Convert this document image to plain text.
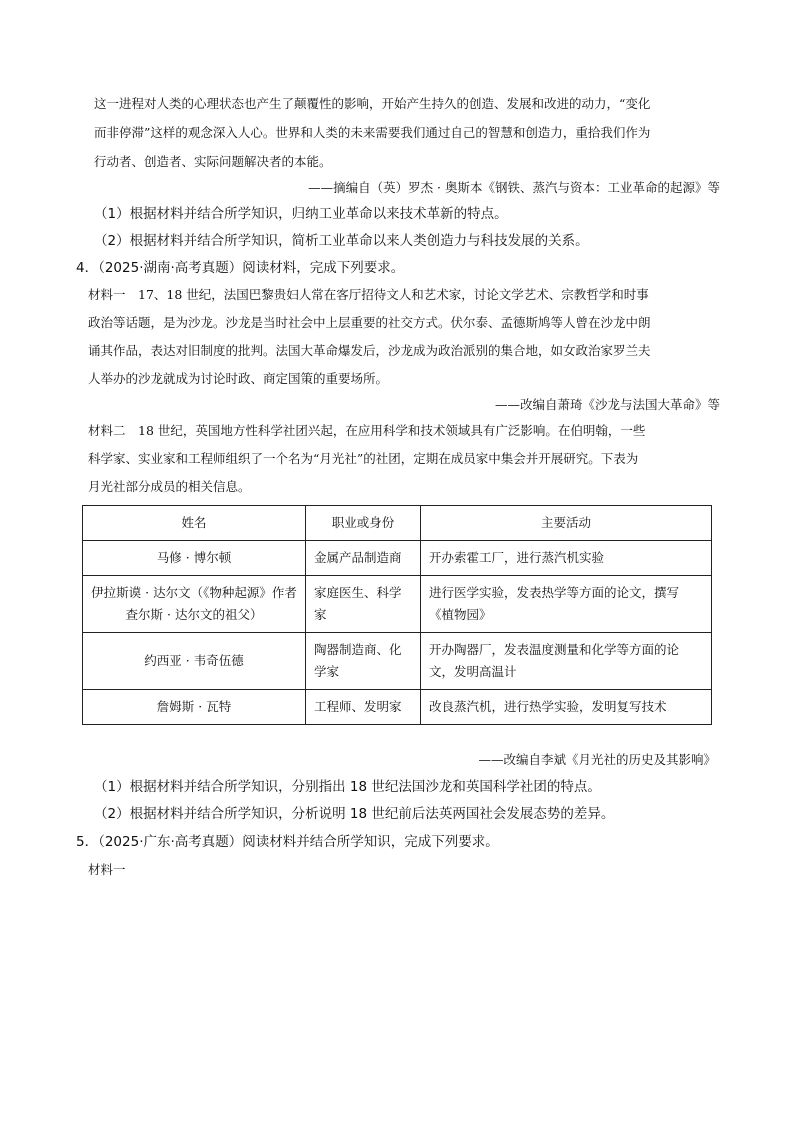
这一进程对人类的心理状态也产生了颠覆性的影响，开始产生持久的创造、发展和改进的动力，“变化
而非停滞”这样的观念深入人心。世界和人类的未来需要我们通过自己的智慧和创造力，重拾我们作为
行动者、创造者、实际问题解决者的本能。
——摘编自（英）罗杰 · 奥斯本《钢铁、蒸汽与资本：工业革命的起源》等
（1）根据材料并结合所学知识，归纳工业革命以来技术革新的特点。
（2）根据材料并结合所学知识，简析工业革命以来人类创造力与科技发展的关系。
4．（2025·湖南·高考真题）阅读材料，完成下列要求。
材料一　17、18 世纪，法国巴黎贵妇人常在客厅招待文人和艺术家，讨论文学艺术、宗教哲学和时事
政治等话题，是为沙龙。沙龙是当时社会中上层重要的社交方式。伏尔泰、孟德斯鸠等人曾在沙龙中朗
诵其作品，表达对旧制度的批判。法国大革命爆发后，沙龙成为政治派别的集合地，如女政治家罗兰夫
人举办的沙龙就成为讨论时政、商定国策的重要场所。
——改编自萧琦《沙龙与法国大革命》等
材料二　18 世纪，英国地方性科学社团兴起，在应用科学和技术领域具有广泛影响。在伯明翰，一些
科学家、实业家和工程师组织了一个名为“月光社”的社团，定期在成员家中集会并开展研究。下表为
月光社部分成员的相关信息。
姓名	职业或身份	主要活动
马修 · 博尔顿	金属产品制造商	开办索霍工厂，进行蒸汽机实验
伊拉斯谟 · 达尔文（《物种起源》作者查尔斯 · 达尔文的祖父）	家庭医生、科学家	进行医学实验，发表热学等方面的论文，撰写《植物园》
约西亚 · 韦奇伍德	陶器制造商、化学家	开办陶器厂，发表温度测量和化学等方面的论文，发明高温计
詹姆斯 · 瓦特	工程师、发明家	改良蒸汽机，进行热学实验，发明复写技术
——改编自李斌《月光社的历史及其影响》
（1）根据材料并结合所学知识，分别指出 18 世纪法国沙龙和英国科学社团的特点。
（2）根据材料并结合所学知识，分析说明 18 世纪前后法英两国社会发展态势的差异。
5．（2025·广东·高考真题）阅读材料并结合所学知识，完成下列要求。
材料一
